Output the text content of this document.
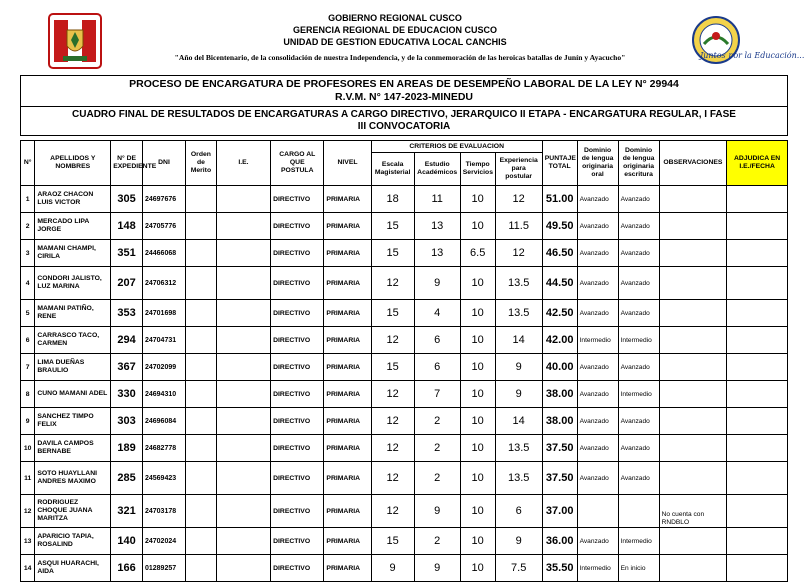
GOBIERNO REGIONAL CUSCO
GERENCIA REGIONAL DE EDUCACION CUSCO
UNIDAD DE GESTION EDUCATIVA LOCAL CANCHIS
"Año del Bicentenario, de la consolidación de nuestra Independencia, y de la conmemoración de las heroicas batallas de Junín y Ayacucho"	Juntos por la Educación...
PROCESO DE ENCARGATURA DE PROFESORES EN AREAS DE DESEMPEÑO LABORAL DE LA LEY N° 29944
R.V.M. N° 147-2023-MINEDU																

CUADRO FINAL DE RESULTADOS DE ENCARGATURAS A CARGO DIRECTIVO, JERARQUICO II ETAPA - ENCARGATURA REGULAR, I FASE
III CONVOCATORIA																

N°	APELLIDOS Y NOMBRES	N° DE EXPEDIENTE	DNI	Orden de Merito	I.E.	CARGO AL QUE POSTULA	NIVEL	CRITERIOS DE EVALUACION				PUNTAJE TOTAL	Dominio de lengua originaria oral	Dominio de lengua originaria escritura	OBSERVACIONES	ADJUDICA EN I.E./FECHA
								Escala Magisterial	Estudio Académicos	Tiempo Servicios	Experiencia para postular					
1	ARAOZ CHACON LUIS VICTOR	305	24697676			DIRECTIVO	PRIMARIA	18	11	10	12	51.00	Avanzado	Avanzado		
2	MERCADO LIPA JORGE	148	24705776			DIRECTIVO	PRIMARIA	15	13	10	11.5	49.50	Avanzado	Avanzado		
3	MAMANI CHAMPI, CIRILA	351	24466068			DIRECTIVO	PRIMARIA	15	13	6.5	12	46.50	Avanzado	Avanzado		
4	CONDORI JALISTO, LUZ MARINA	207	24706312			DIRECTIVO	PRIMARIA	12	9	10	13.5	44.50	Avanzado	Avanzado		
5	MAMANI PATIÑO, RENE	353	24701698			DIRECTIVO	PRIMARIA	15	4	10	13.5	42.50	Avanzado	Avanzado		
6	CARRASCO TACO, CARMEN	294	24704731			DIRECTIVO	PRIMARIA	12	6	10	14	42.00	Intermedio	Intermedio		
7	LIMA DUEÑAS BRAULIO	367	24702099			DIRECTIVO	PRIMARIA	15	6	10	9	40.00	Avanzado	Avanzado		
8	CUNO MAMANI ADEL	330	24694310			DIRECTIVO	PRIMARIA	12	7	10	9	38.00	Avanzado	Intermedio		
9	SANCHEZ TIMPO FELIX	303	24696084			DIRECTIVO	PRIMARIA	12	2	10	14	38.00	Avanzado	Avanzado		
10	DAVILA CAMPOS BERNABE	189	24682778			DIRECTIVO	PRIMARIA	12	2	10	13.5	37.50	Avanzado	Avanzado		
11	SOTO HUAYLLANI ANDRES MAXIMO	285	24569423			DIRECTIVO	PRIMARIA	12	2	10	13.5	37.50	Avanzado	Avanzado		
12	RODRIGUEZ CHOQUE JUANA MARITZA	321	24703178			DIRECTIVO	PRIMARIA	12	9	10	6	37.00			No cuenta con RNDBLO	
13	APARICIO TAPIA, ROSALIND	140	24702024			DIRECTIVO	PRIMARIA	15	2	10	9	36.00	Avanzado	Intermedio		
14	ASQUI HUARACHI, AIDA	166	01289257			DIRECTIVO	PRIMARIA	9	9	10	7.5	35.50	Intermedio	En inicio		
